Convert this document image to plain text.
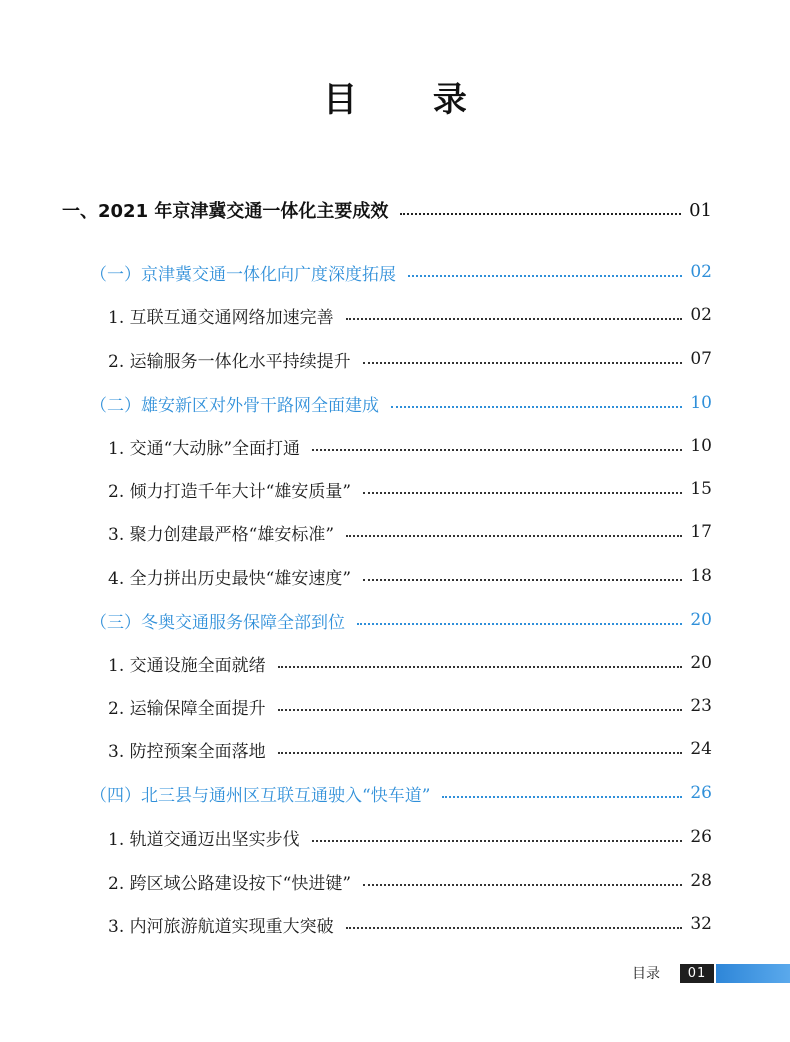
目 录
一、2021 年京津冀交通一体化主要成效	01
（一）京津冀交通一体化向广度深度拓展	02
1. 互联互通交通网络加速完善	02
2. 运输服务一体化水平持续提升	07
（二）雄安新区对外骨干路网全面建成	10
1. 交通“大动脉”全面打通	10
2. 倾力打造千年大计“雄安质量”	15
3. 聚力创建最严格“雄安标准”	17
4. 全力拼出历史最快“雄安速度”	18
（三）冬奥交通服务保障全部到位	20
1. 交通设施全面就绪	20
2. 运输保障全面提升	23
3. 防控预案全面落地	24
（四）北三县与通州区互联互通驶入“快车道”	26
1. 轨道交通迈出坚实步伐	26
2. 跨区域公路建设按下“快进键”	28
3. 内河旅游航道实现重大突破	32
目录	01
